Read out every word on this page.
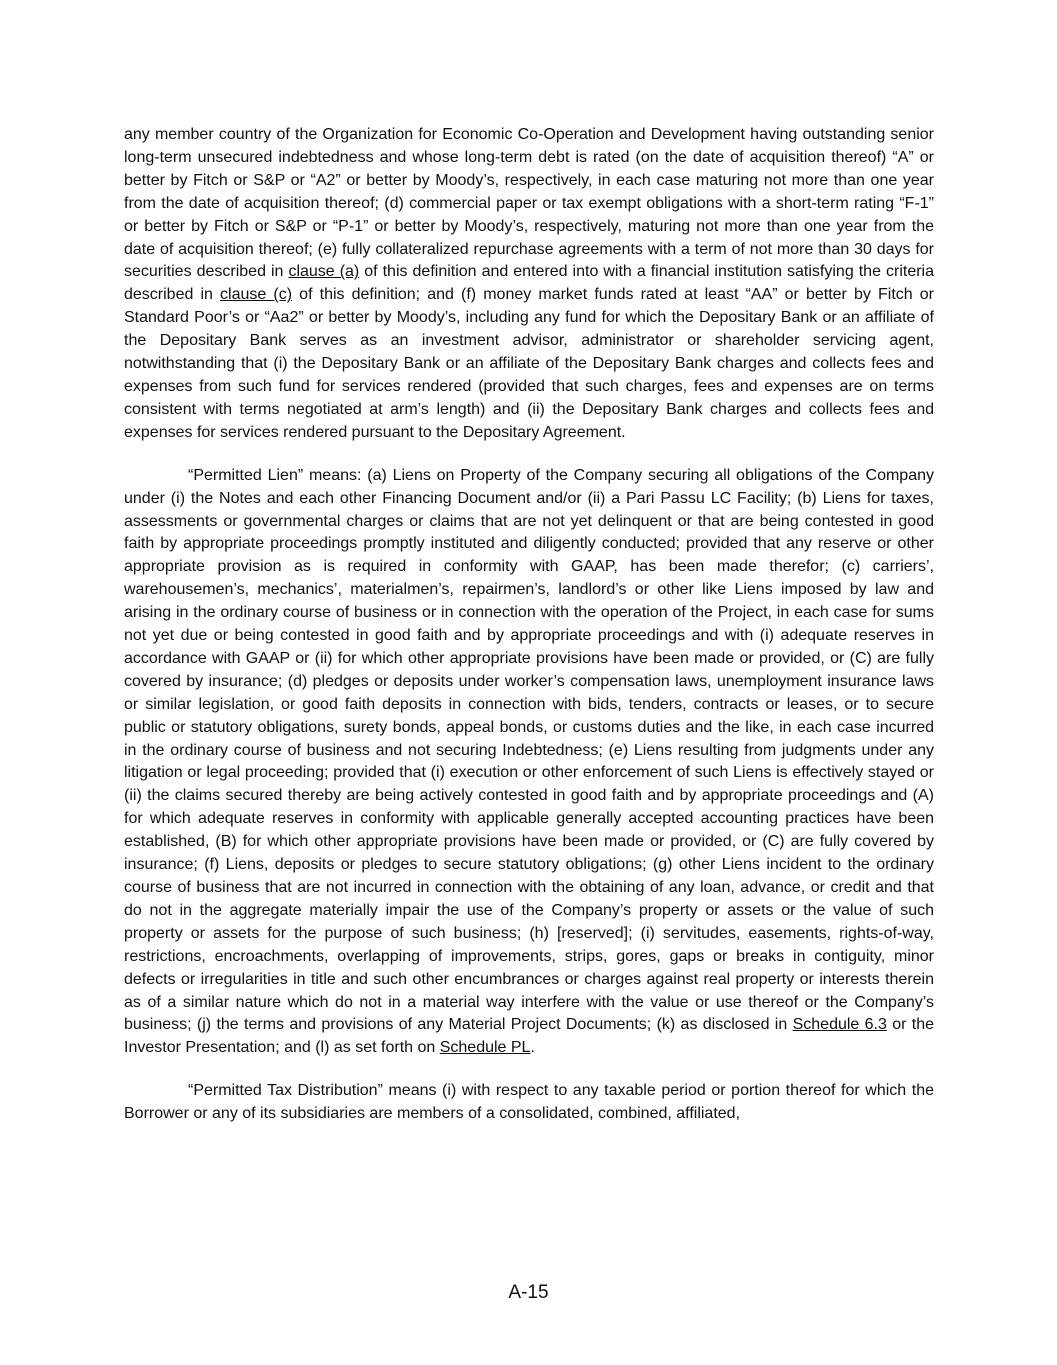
any member country of the Organization for Economic Co-Operation and Development having outstanding senior long-term unsecured indebtedness and whose long-term debt is rated (on the date of acquisition thereof) “A” or better by Fitch or S&P or “A2” or better by Moody’s, respectively, in each case maturing not more than one year from the date of acquisition thereof; (d) commercial paper or tax exempt obligations with a short-term rating “F-1” or better by Fitch or S&P or “P-1” or better by Moody’s, respectively, maturing not more than one year from the date of acquisition thereof; (e) fully collateralized repurchase agreements with a term of not more than 30 days for securities described in clause (a) of this definition and entered into with a financial institution satisfying the criteria described in clause (c) of this definition; and (f) money market funds rated at least “AA” or better by Fitch or Standard Poor’s or “Aa2” or better by Moody’s, including any fund for which the Depositary Bank or an affiliate of the Depositary Bank serves as an investment advisor, administrator or shareholder servicing agent, notwithstanding that (i) the Depositary Bank or an affiliate of the Depositary Bank charges and collects fees and expenses from such fund for services rendered (provided that such charges, fees and expenses are on terms consistent with terms negotiated at arm’s length) and (ii) the Depositary Bank charges and collects fees and expenses for services rendered pursuant to the Depositary Agreement.

“Permitted Lien” means: (a) Liens on Property of the Company securing all obligations of the Company under (i) the Notes and each other Financing Document and/or (ii) a Pari Passu LC Facility; (b) Liens for taxes, assessments or governmental charges or claims that are not yet delinquent or that are being contested in good faith by appropriate proceedings promptly instituted and diligently conducted; provided that any reserve or other appropriate provision as is required in conformity with GAAP, has been made therefor; (c) carriers’, warehousemen’s, mechanics’, materialmen’s, repairmen’s, landlord’s or other like Liens imposed by law and arising in the ordinary course of business or in connection with the operation of the Project, in each case for sums not yet due or being contested in good faith and by appropriate proceedings and with (i) adequate reserves in accordance with GAAP or (ii) for which other appropriate provisions have been made or provided, or (C) are fully covered by insurance; (d) pledges or deposits under worker’s compensation laws, unemployment insurance laws or similar legislation, or good faith deposits in connection with bids, tenders, contracts or leases, or to secure public or statutory obligations, surety bonds, appeal bonds, or customs duties and the like, in each case incurred in the ordinary course of business and not securing Indebtedness; (e) Liens resulting from judgments under any litigation or legal proceeding; provided that (i) execution or other enforcement of such Liens is effectively stayed or (ii) the claims secured thereby are being actively contested in good faith and by appropriate proceedings and (A) for which adequate reserves in conformity with applicable generally accepted accounting practices have been established, (B) for which other appropriate provisions have been made or provided, or (C) are fully covered by insurance; (f) Liens, deposits or pledges to secure statutory obligations; (g) other Liens incident to the ordinary course of business that are not incurred in connection with the obtaining of any loan, advance, or credit and that do not in the aggregate materially impair the use of the Company’s property or assets or the value of such property or assets for the purpose of such business; (h) [reserved]; (i) servitudes, easements, rights-of-way, restrictions, encroachments, overlapping of improvements, strips, gores, gaps or breaks in contiguity, minor defects or irregularities in title and such other encumbrances or charges against real property or interests therein as of a similar nature which do not in a material way interfere with the value or use thereof or the Company’s business; (j) the terms and provisions of any Material Project Documents; (k) as disclosed in Schedule 6.3 or the Investor Presentation; and (l) as set forth on Schedule PL.

“Permitted Tax Distribution” means (i) with respect to any taxable period or portion thereof for which the Borrower or any of its subsidiaries are members of a consolidated, combined, affiliated,

A-15
